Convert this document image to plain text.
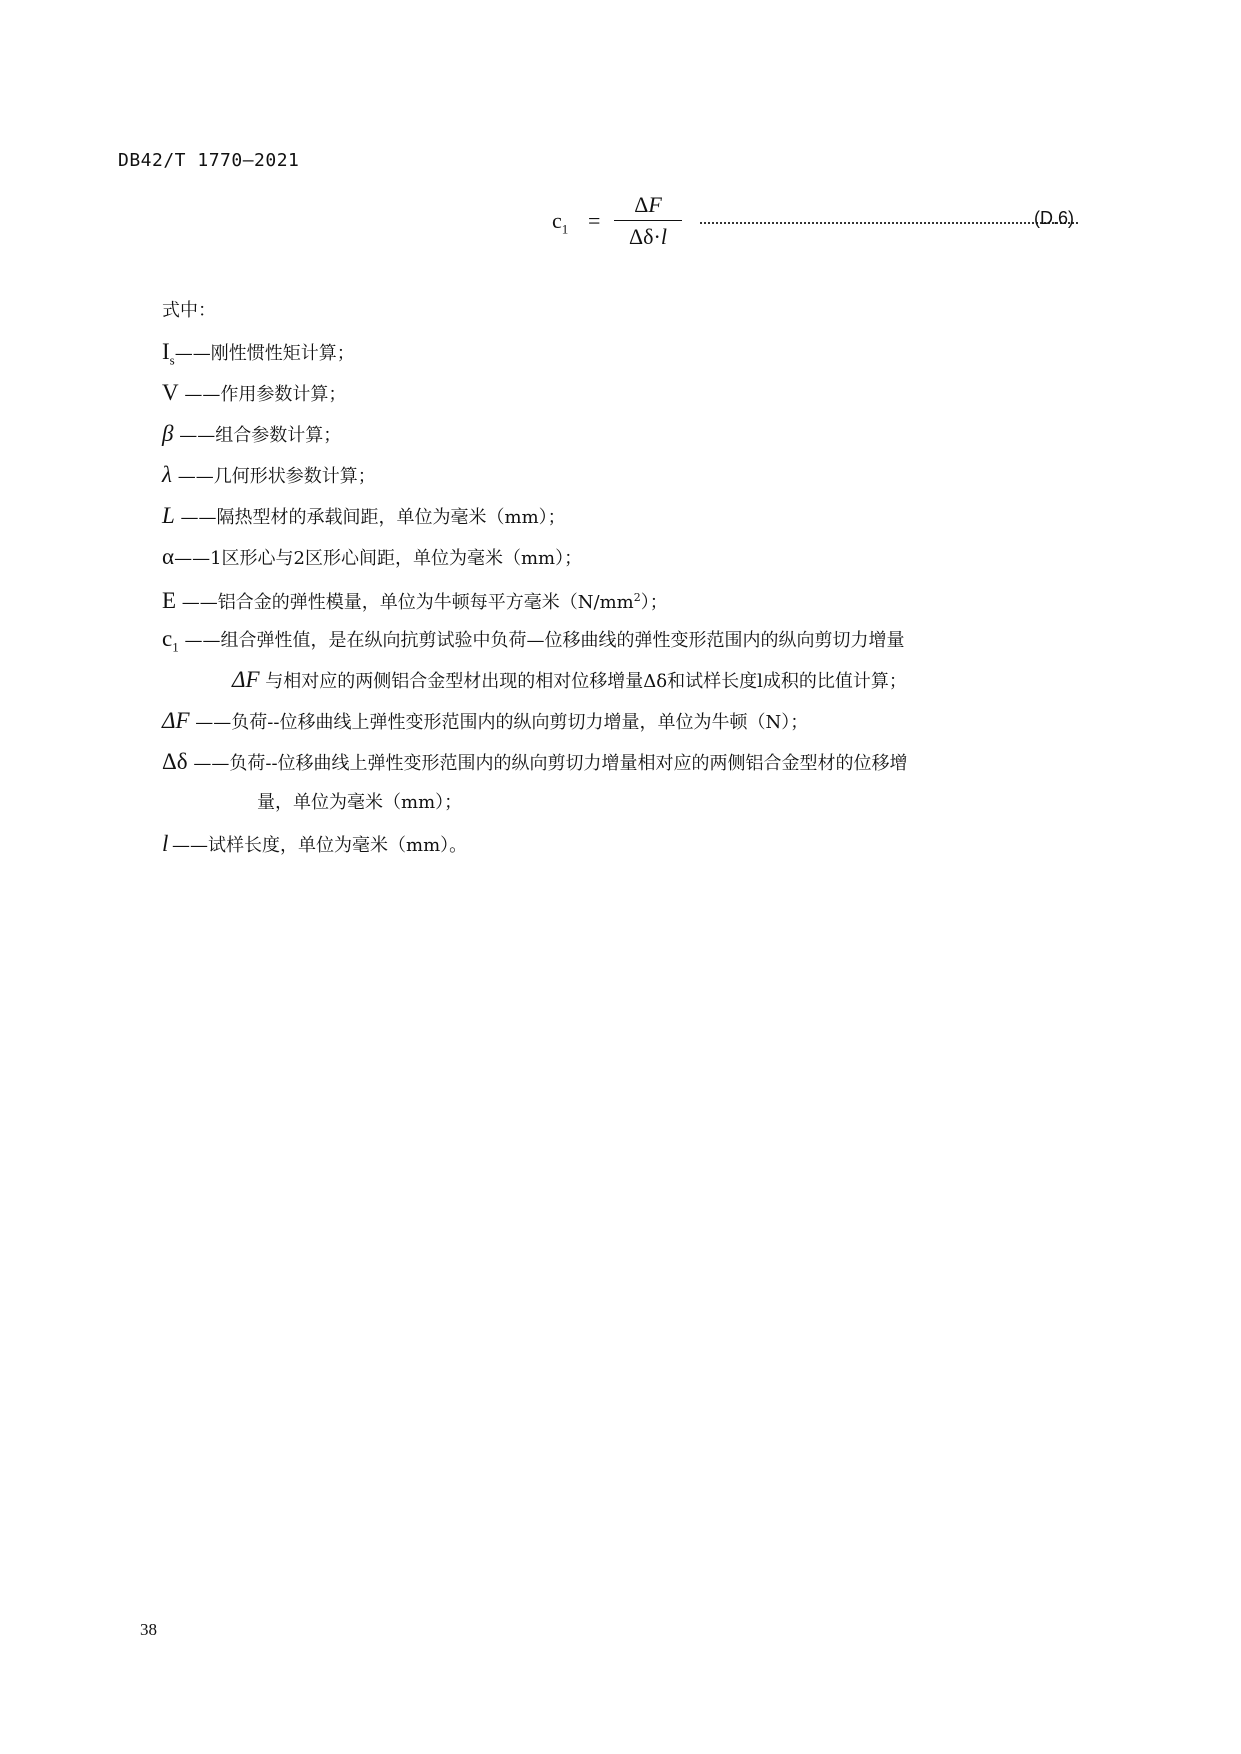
DB42/T 1770—2021
$c_1$ =
ΔF
Δδ·l
(D.6)
式中：
$I_s——$刚性惯性矩计算；
V ——作用参数计算；
β ——组合参数计算；
λ ——几何形状参数计算；
L ——隔热型材的承载间距，单位为毫米（mm）；
α——1区形心与2区形心间距，单位为毫米（mm）；
E ——铝合金的弹性模量，单位为牛顿每平方毫米$(N/mm^2)$；
$c_1$ ——组合弹性值，是在纵向抗剪试验中负荷—位移曲线的弹性变形范围内的纵向剪切力增量
ΔF 与相对应的两侧铝合金型材出现的相对位移增量Δδ和试样长度l成积的比值计算；
ΔF ——负荷--位移曲线上弹性变形范围内的纵向剪切力增量，单位为牛顿（N）；
Δδ ——负荷--位移曲线上弹性变形范围内的纵向剪切力增量相对应的两侧铝合金型材的位移增
量，单位为毫米（mm）；
l ——试样长度，单位为毫米（mm）。
38
